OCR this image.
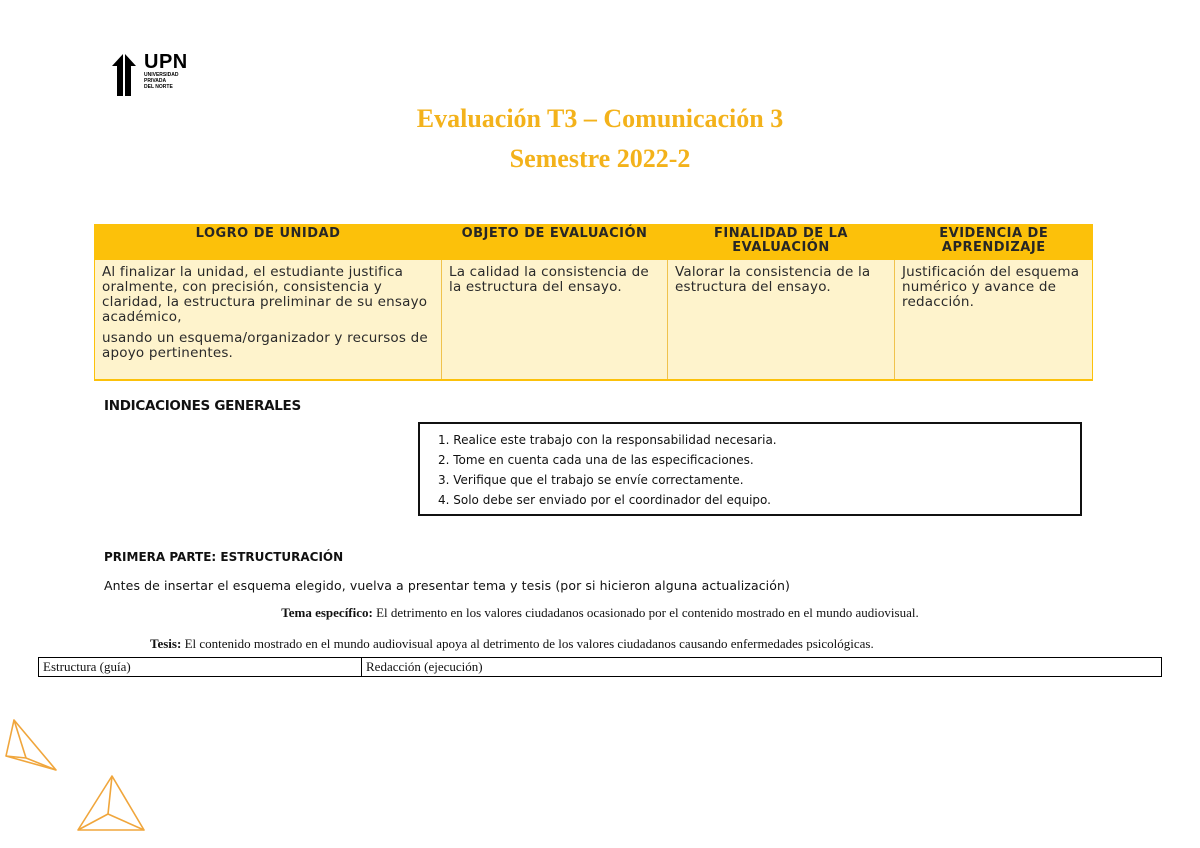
UPN
UNIVERSIDAD
PRIVADA
DEL NORTE
Evaluación T3 – Comunicación 3
Semestre 2022-2
LOGRO DE UNIDAD	OBJETO DE EVALUACIÓN	FINALIDAD DE LA EVALUACIÓN	EVIDENCIA DE APRENDIZAJE

Al finalizar la unidad, el estudiante justifica oralmente, con precisión, consistencia y claridad, la estructura preliminar de su ensayo académico,

usando un esquema/organizador y recursos de apoyo pertinentes.	La calidad la consistencia de la estructura del ensayo.	Valorar la consistencia de la estructura del ensayo.	Justificación del esquema numérico y avance de redacción.

INDICACIONES GENERALES
1. Realice este trabajo con la responsabilidad necesaria.
2. Tome en cuenta cada una de las especificaciones.
3. Verifique que el trabajo se envíe correctamente.
4. Solo debe ser enviado por el coordinador del equipo.
PRIMERA PARTE: ESTRUCTURACIÓN
Antes de insertar el esquema elegido, vuelva a presentar tema y tesis (por si hicieron alguna actualización)
Tema específico: El detrimento en los valores ciudadanos ocasionado por el contenido mostrado en el mundo audiovisual.
Tesis: El contenido mostrado en el mundo audiovisual apoya al detrimento de los valores ciudadanos causando enfermedades psicológicas.
Estructura (guía)	Redacción (ejecución)
